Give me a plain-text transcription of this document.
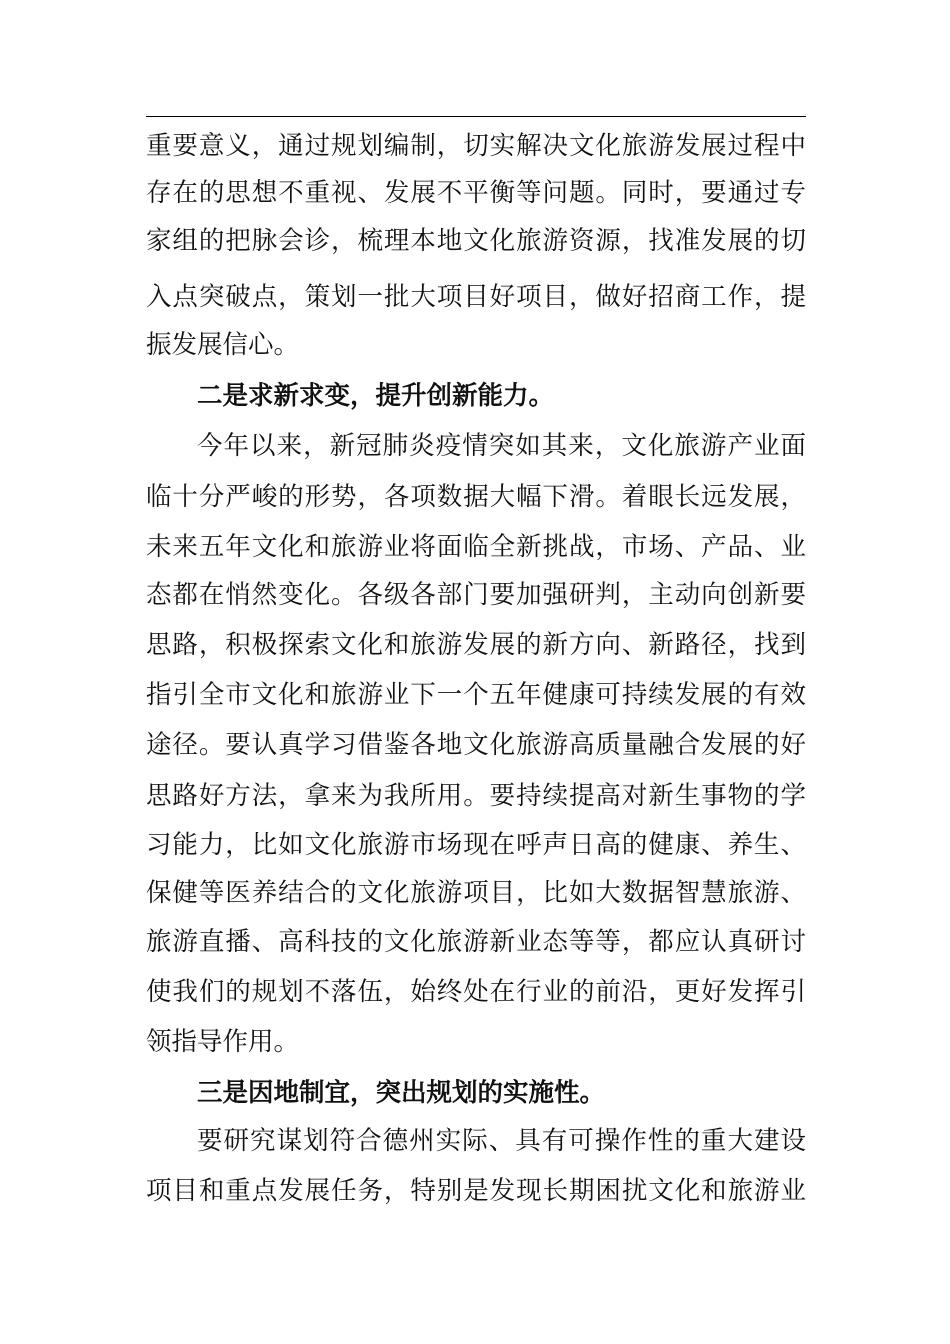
重要意义，通过规划编制，切实解决文化旅游发展过程中
存在的思想不重视、发展不平衡等问题。同时，要通过专
家组的把脉会诊，梳理本地文化旅游资源，找准发展的切
入点突破点，策划一批大项目好项目，做好招商工作，提
振发展信心。
二是求新求变，提升创新能力。
今年以来，新冠肺炎疫情突如其来，文化旅游产业面
临十分严峻的形势，各项数据大幅下滑。着眼长远发展，
未来五年文化和旅游业将面临全新挑战，市场、产品、业
态都在悄然变化。各级各部门要加强研判，主动向创新要
思路，积极探索文化和旅游发展的新方向、新路径，找到
指引全市文化和旅游业下一个五年健康可持续发展的有效
途径。要认真学习借鉴各地文化旅游高质量融合发展的好
思路好方法，拿来为我所用。要持续提高对新生事物的学
习能力，比如文化旅游市场现在呼声日高的健康、养生、
保健等医养结合的文化旅游项目，比如大数据智慧旅游、
旅游直播、高科技的文化旅游新业态等等，都应认真研讨
使我们的规划不落伍，始终处在行业的前沿，更好发挥引
领指导作用。
三是因地制宜，突出规划的实施性。
要研究谋划符合德州实际、具有可操作性的重大建设
项目和重点发展任务，特别是发现长期困扰文化和旅游业
